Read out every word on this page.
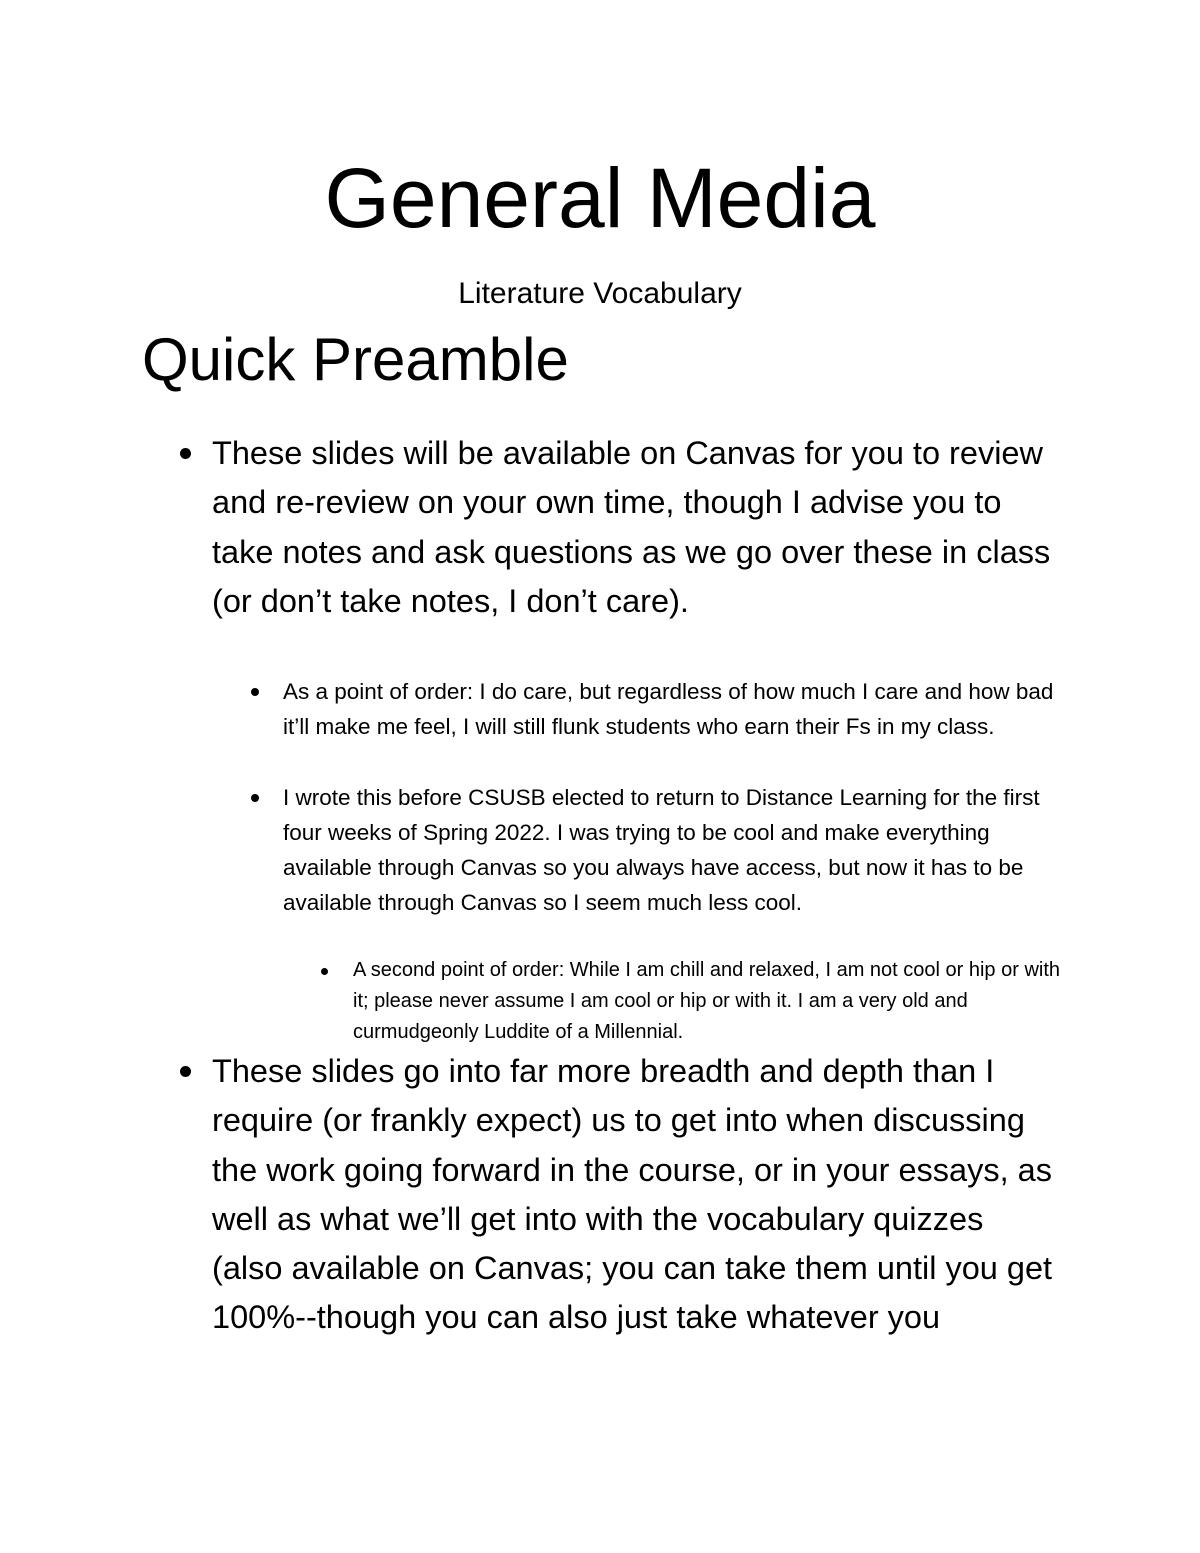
General Media

Literature Vocabulary

Quick Preamble
These slides will be available on Canvas for you to review and re-review on your own time, though I advise you to take notes and ask questions as we go over these in class (or don’t take notes, I don’t care).
As a point of order: I do care, but regardless of how much I care and how bad it’ll make me feel, I will still flunk students who earn their Fs in my class.
I wrote this before CSUSB elected to return to Distance Learning for the first four weeks of Spring 2022. I was trying to be cool and make everything available through Canvas so you always have access, but now it has to be available through Canvas so I seem much less cool.
A second point of order: While I am chill and relaxed, I am not cool or hip or with it; please never assume I am cool or hip or with it. I am a very old and curmudgeonly Luddite of a Millennial.
These slides go into far more breadth and depth than I require (or frankly expect) us to get into when discussing the work going forward in the course, or in your essays, as well as what we’ll get into with the vocabulary quizzes (also available on Canvas; you can take them until you get 100%--though you can also just take whatever you
